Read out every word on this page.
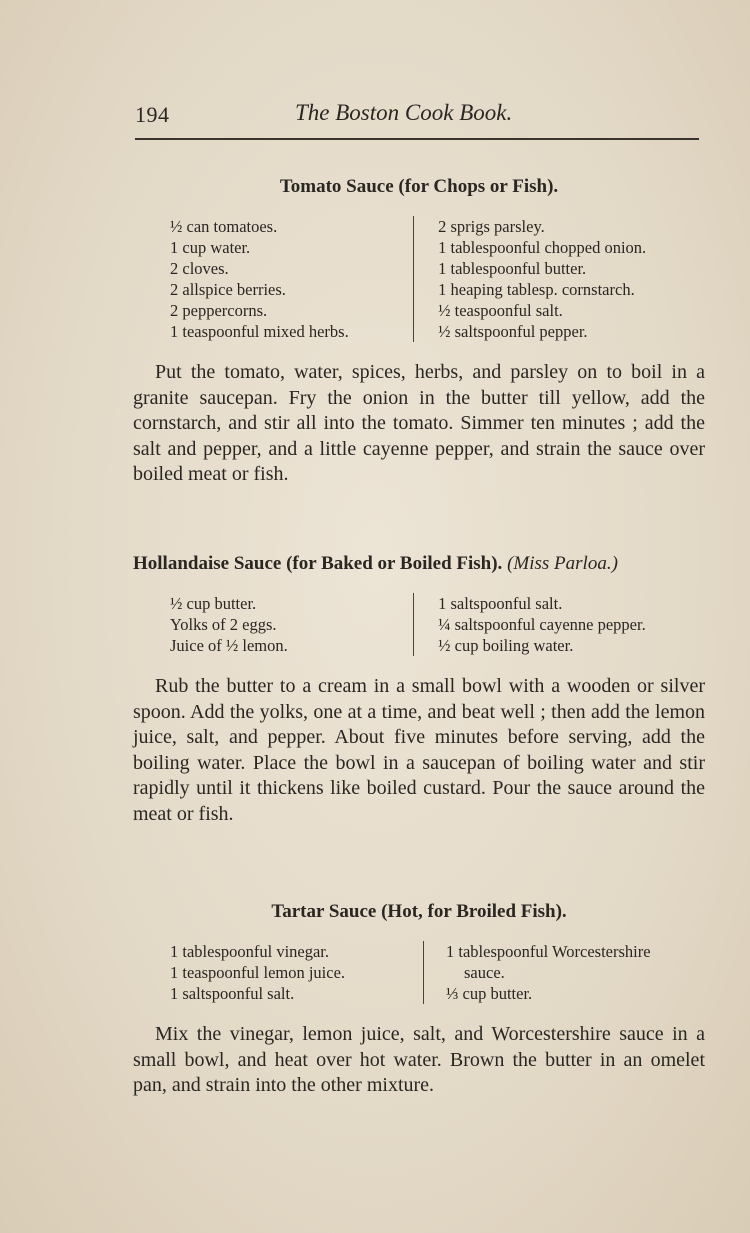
194	The Boston Cook Book.
Tomato Sauce (for Chops or Fish).
½ can tomatoes.
1 cup water.
2 cloves.
2 allspice berries.
2 peppercorns.
1 teaspoonful mixed herbs.
2 sprigs parsley.
1 tablespoonful chopped onion.
1 tablespoonful butter.
1 heaping tablesp. cornstarch.
½ teaspoonful salt.
½ saltspoonful pepper.

Put the tomato, water, spices, herbs, and parsley on to boil in a granite saucepan. Fry the onion in the butter till yellow, add the cornstarch, and stir all into the tomato. Simmer ten minutes ; add the salt and pepper, and a little cayenne pepper, and strain the sauce over boiled meat or fish.

Hollandaise Sauce (for Baked or Boiled Fish). (Miss Parloa.)
½ cup butter.
Yolks of 2 eggs.
Juice of ½ lemon.
1 saltspoonful salt.
¼ saltspoonful cayenne pepper.
½ cup boiling water.

Rub the butter to a cream in a small bowl with a wooden or silver spoon. Add the yolks, one at a time, and beat well ; then add the lemon juice, salt, and pepper. About five minutes before serving, add the boiling water. Place the bowl in a saucepan of boiling water and stir rapidly until it thickens like boiled custard. Pour the sauce around the meat or fish.

Tartar Sauce (Hot, for Broiled Fish).
1 tablespoonful vinegar.
1 teaspoonful lemon juice.
1 saltspoonful salt.
1 tablespoonful Worcestershire
sauce.
⅓ cup butter.

Mix the vinegar, lemon juice, salt, and Worcestershire sauce in a small bowl, and heat over hot water. Brown the butter in an omelet pan, and strain into the other mixture.
